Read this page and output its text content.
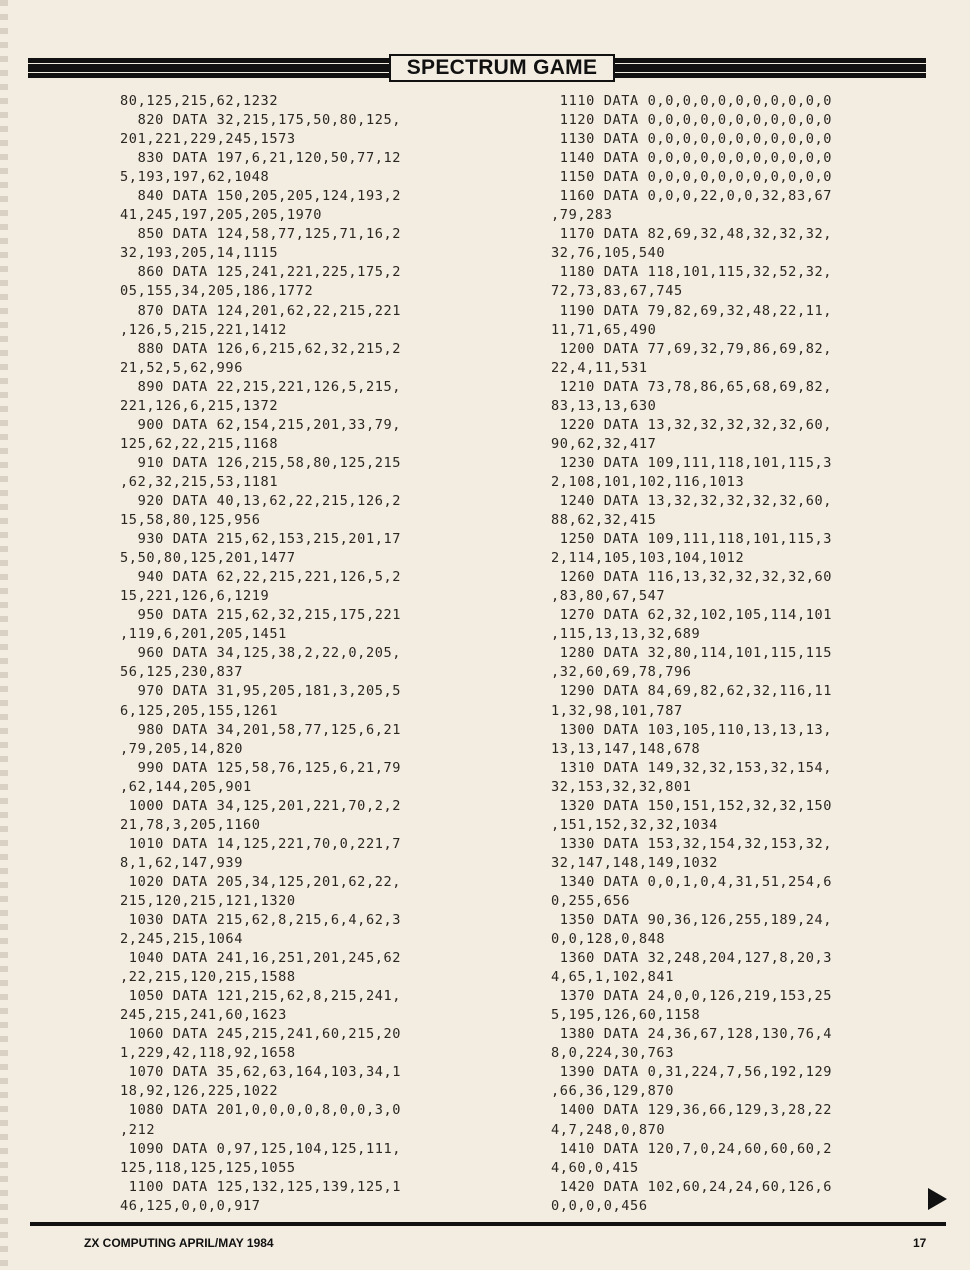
SPECTRUM GAME
80,125,215,62,1232
820 DATA 32,215,175,50,80,125,
201,221,229,245,1573
830 DATA 197,6,21,120,50,77,12
5,193,197,62,1048
840 DATA 150,205,205,124,193,2
41,245,197,205,205,1970
850 DATA 124,58,77,125,71,16,2
32,193,205,14,1115
860 DATA 125,241,221,225,175,2
05,155,34,205,186,1772
870 DATA 124,201,62,22,215,221
,126,5,215,221,1412
880 DATA 126,6,215,62,32,215,2
21,52,5,62,996
890 DATA 22,215,221,126,5,215,
221,126,6,215,1372
900 DATA 62,154,215,201,33,79,
125,62,22,215,1168
910 DATA 126,215,58,80,125,215
,62,32,215,53,1181
920 DATA 40,13,62,22,215,126,2
15,58,80,125,956
930 DATA 215,62,153,215,201,17
5,50,80,125,201,1477
940 DATA 62,22,215,221,126,5,2
15,221,126,6,1219
950 DATA 215,62,32,215,175,221
,119,6,201,205,1451
960 DATA 34,125,38,2,22,0,205,
56,125,230,837
970 DATA 31,95,205,181,3,205,5
6,125,205,155,1261
980 DATA 34,201,58,77,125,6,21
,79,205,14,820
990 DATA 125,58,76,125,6,21,79
,62,144,205,901
1000 DATA 34,125,201,221,70,2,2
21,78,3,205,1160
1010 DATA 14,125,221,70,0,221,7
8,1,62,147,939
1020 DATA 205,34,125,201,62,22,
215,120,215,121,1320
1030 DATA 215,62,8,215,6,4,62,3
2,245,215,1064
1040 DATA 241,16,251,201,245,62
,22,215,120,215,1588
1050 DATA 121,215,62,8,215,241,
245,215,241,60,1623
1060 DATA 245,215,241,60,215,20
1,229,42,118,92,1658
1070 DATA 35,62,63,164,103,34,1
18,92,126,225,1022
1080 DATA 201,0,0,0,0,8,0,0,3,0
,212
1090 DATA 0,97,125,104,125,111,
125,118,125,125,1055
1100 DATA 125,132,125,139,125,1
46,125,0,0,0,917
1110 DATA 0,0,0,0,0,0,0,0,0,0,0
1120 DATA 0,0,0,0,0,0,0,0,0,0,0
1130 DATA 0,0,0,0,0,0,0,0,0,0,0
1140 DATA 0,0,0,0,0,0,0,0,0,0,0
1150 DATA 0,0,0,0,0,0,0,0,0,0,0
1160 DATA 0,0,0,22,0,0,32,83,67
,79,283
1170 DATA 82,69,32,48,32,32,32,
32,76,105,540
1180 DATA 118,101,115,32,52,32,
72,73,83,67,745
1190 DATA 79,82,69,32,48,22,11,
11,71,65,490
1200 DATA 77,69,32,79,86,69,82,
22,4,11,531
1210 DATA 73,78,86,65,68,69,82,
83,13,13,630
1220 DATA 13,32,32,32,32,32,60,
90,62,32,417
1230 DATA 109,111,118,101,115,3
2,108,101,102,116,1013
1240 DATA 13,32,32,32,32,32,60,
88,62,32,415
1250 DATA 109,111,118,101,115,3
2,114,105,103,104,1012
1260 DATA 116,13,32,32,32,32,60
,83,80,67,547
1270 DATA 62,32,102,105,114,101
,115,13,13,32,689
1280 DATA 32,80,114,101,115,115
,32,60,69,78,796
1290 DATA 84,69,82,62,32,116,11
1,32,98,101,787
1300 DATA 103,105,110,13,13,13,
13,13,147,148,678
1310 DATA 149,32,32,153,32,154,
32,153,32,32,801
1320 DATA 150,151,152,32,32,150
,151,152,32,32,1034
1330 DATA 153,32,154,32,153,32,
32,147,148,149,1032
1340 DATA 0,0,1,0,4,31,51,254,6
0,255,656
1350 DATA 90,36,126,255,189,24,
0,0,128,0,848
1360 DATA 32,248,204,127,8,20,3
4,65,1,102,841
1370 DATA 24,0,0,126,219,153,25
5,195,126,60,1158
1380 DATA 24,36,67,128,130,76,4
8,0,224,30,763
1390 DATA 0,31,224,7,56,192,129
,66,36,129,870
1400 DATA 129,36,66,129,3,28,22
4,7,248,0,870
1410 DATA 120,7,0,24,60,60,60,2
4,60,0,415
1420 DATA 102,60,24,24,60,126,6
0,0,0,0,456
ZX COMPUTING APRIL/MAY 1984	17
